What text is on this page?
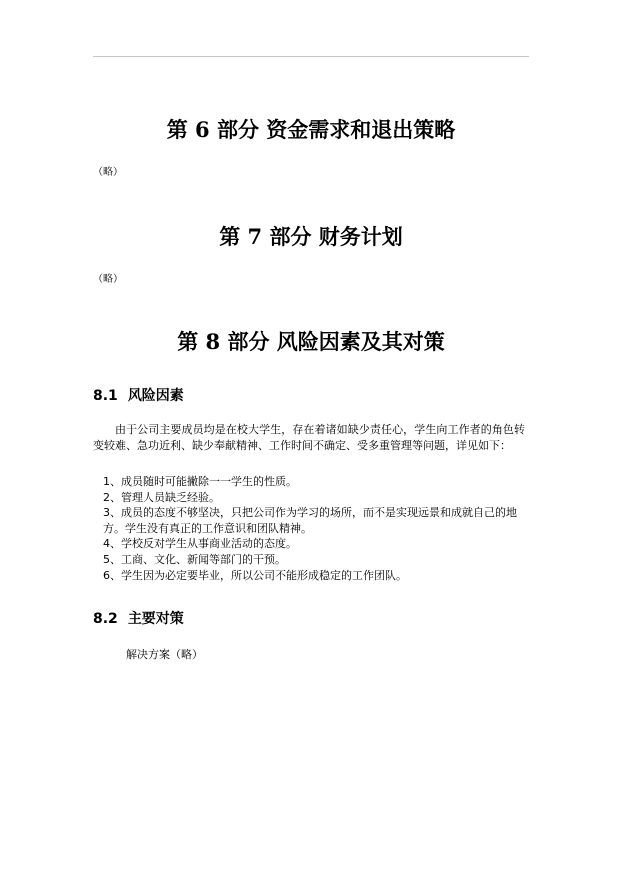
第 6 部分 资金需求和退出策略
（略）
第 7 部分 财务计划
（略）
第 8 部分 风险因素及其对策
8.1 风险因素
由于公司主要成员均是在校大学生，存在着诸如缺少责任心，学生向工作者的角色转变较难、急功近利、缺少奉献精神、工作时间不确定、受多重管理等问题，详见如下：
1、成员随时可能撇除一一学生的性质。
2、管理人员缺乏经验。
3、成员的态度不够坚决，只把公司作为学习的场所，而不是实现远景和成就自己的地方。学生没有真正的工作意识和团队精神。
4、学校反对学生从事商业活动的态度。
5、工商、文化、新闻等部门的干预。
6、学生因为必定要毕业，所以公司不能形成稳定的工作团队。
8.2 主要对策
解决方案（略）
